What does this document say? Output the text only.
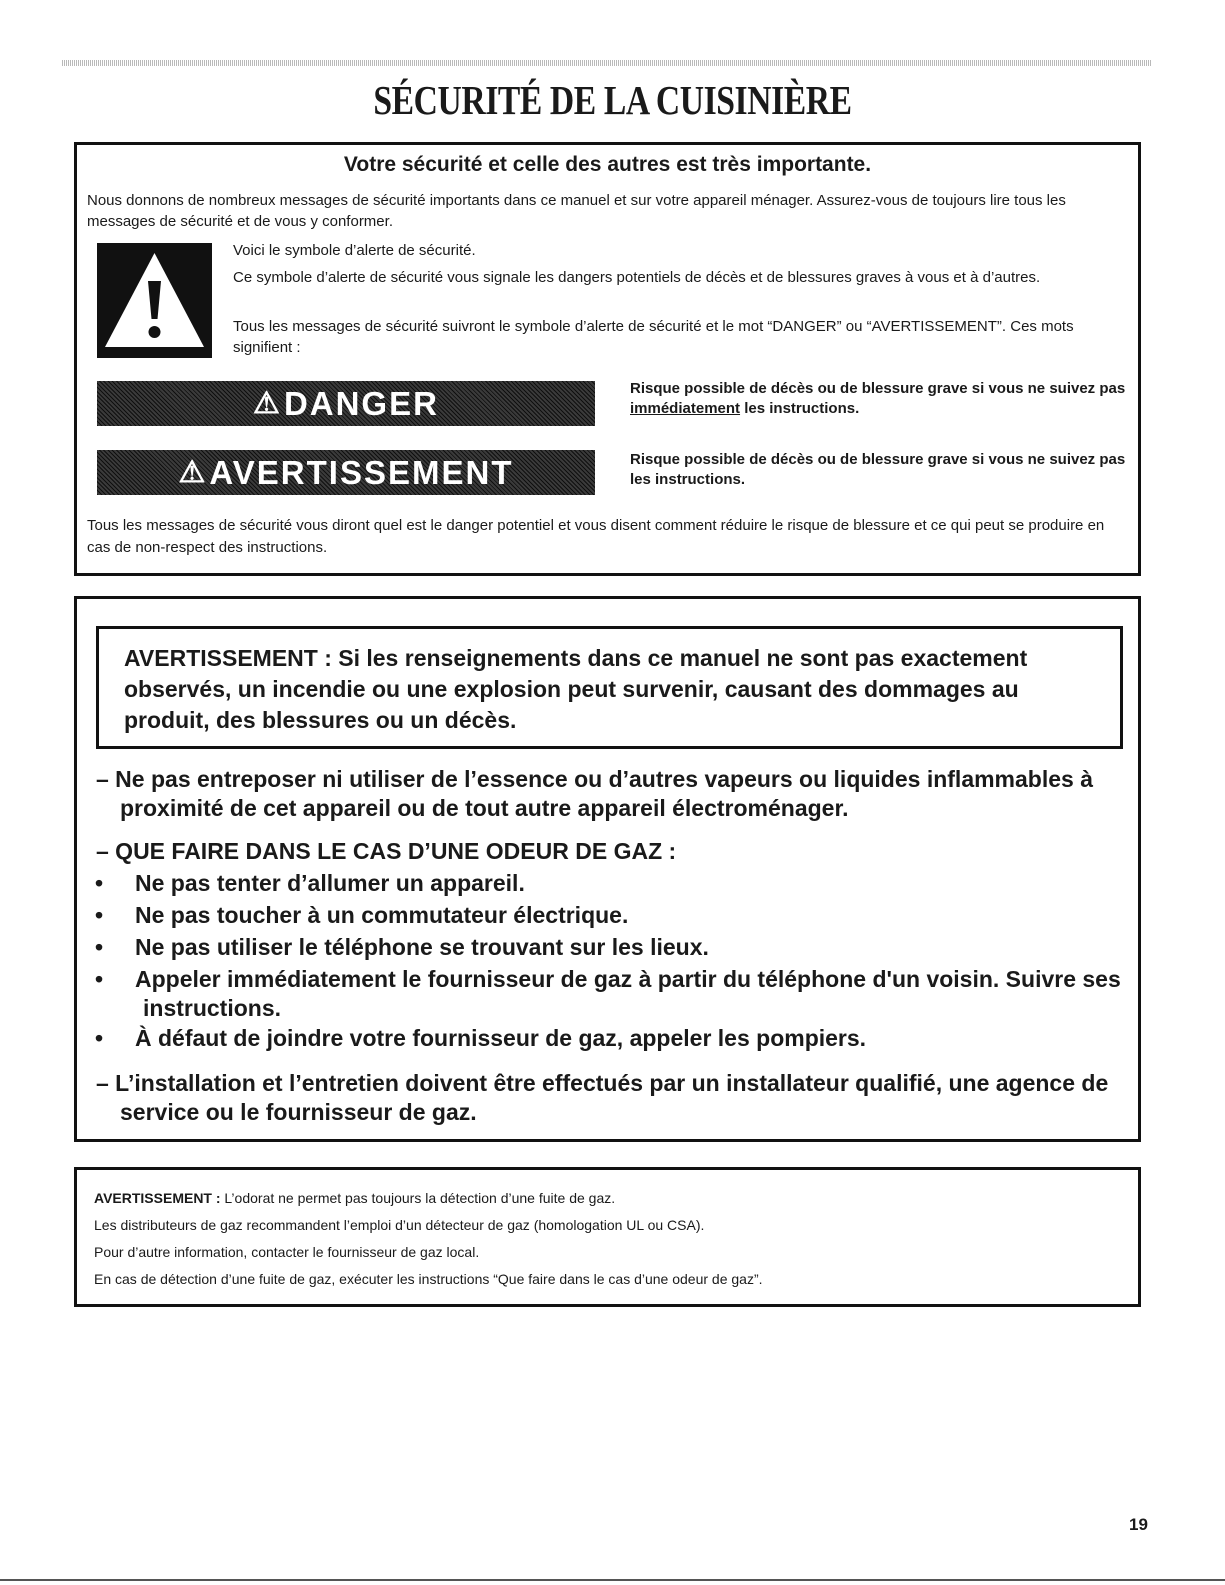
SÉCURITÉ DE LA CUISINIÈRE
Votre sécurité et celle des autres est très importante.
Nous donnons de nombreux messages de sécurité importants dans ce manuel et sur votre appareil ménager. Assurez-vous de toujours lire tous les messages de sécurité et de vous y conformer.
Voici le symbole d’alerte de sécurité.
Ce symbole d’alerte de sécurité vous signale les dangers potentiels de décès et de blessures graves à vous et à d’autres.
Tous les messages de sécurité suivront le symbole d’alerte de sécurité et le mot “DANGER” ou “AVERTISSEMENT”. Ces mots signifient :
⚠ DANGER	Risque possible de décès ou de blessure grave si vous ne suivez pas immédiatement les instructions.
⚠ AVERTISSEMENT	Risque possible de décès ou de blessure grave si vous ne suivez pas les instructions.
Tous les messages de sécurité vous diront quel est le danger potentiel et vous disent comment réduire le risque de blessure et ce qui peut se produire en cas de non-respect des instructions.
AVERTISSEMENT : Si les renseignements dans ce manuel ne sont pas exactement observés, un incendie ou une explosion peut survenir, causant des dommages au produit, des blessures ou un décès.
– Ne pas entreposer ni utiliser de l’essence ou d’autres vapeurs ou liquides inflammables à proximité de cet appareil ou de tout autre appareil électroménager.
– QUE FAIRE DANS LE CAS D’UNE ODEUR DE GAZ :
• Ne pas tenter d’allumer un appareil.
• Ne pas toucher à un commutateur électrique.
• Ne pas utiliser le téléphone se trouvant sur les lieux.
• Appeler immédiatement le fournisseur de gaz à partir du téléphone d'un voisin. Suivre ses instructions.
• À défaut de joindre votre fournisseur de gaz, appeler les pompiers.
– L’installation et l’entretien doivent être effectués par un installateur qualifié, une agence de service ou le fournisseur de gaz.
AVERTISSEMENT : L’odorat ne permet pas toujours la détection d’une fuite de gaz.
Les distributeurs de gaz recommandent l’emploi d’un détecteur de gaz (homologation UL ou CSA).
Pour d’autre information, contacter le fournisseur de gaz local.
En cas de détection d’une fuite de gaz, exécuter les instructions “Que faire dans le cas d’une odeur de gaz”.
19
